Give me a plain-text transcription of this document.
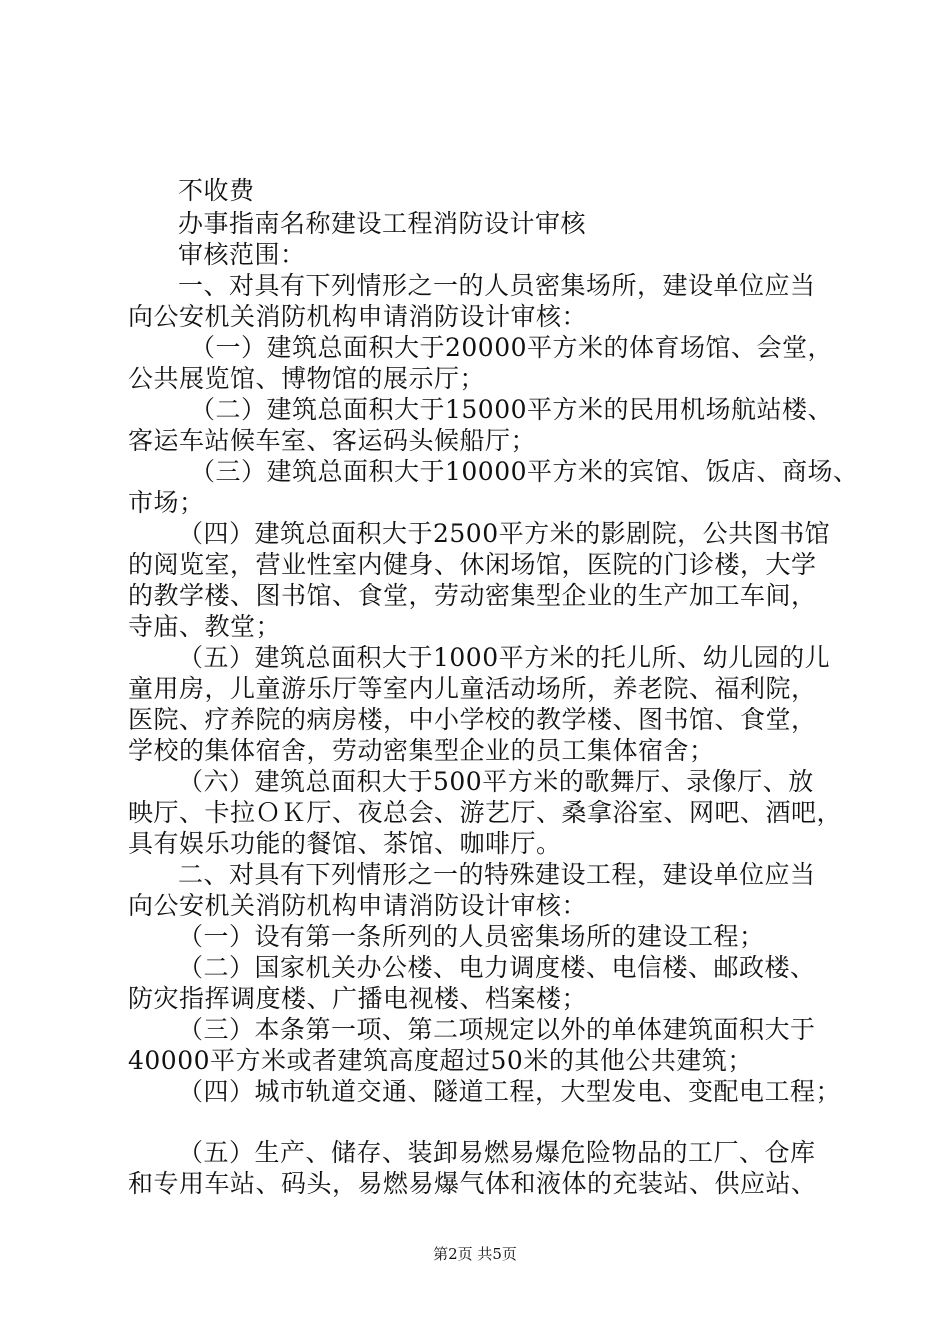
不收费
办事指南名称建设工程消防设计审核
审核范围：
一、对具有下列情形之一的人员密集场所，建设单位应当
向公安机关消防机构申请消防设计审核：
（一）建筑总面积大于20000平方米的体育场馆、会堂，
公共展览馆、博物馆的展示厅；
（二）建筑总面积大于15000平方米的民用机场航站楼、
客运车站候车室、客运码头候船厅；
（三）建筑总面积大于10000平方米的宾馆、饭店、商场、
市场；
（四）建筑总面积大于2500平方米的影剧院，公共图书馆
的阅览室，营业性室内健身、休闲场馆，医院的门诊楼，大学
的教学楼、图书馆、食堂，劳动密集型企业的生产加工车间，
寺庙、教堂；
（五）建筑总面积大于1000平方米的托儿所、幼儿园的儿
童用房，儿童游乐厅等室内儿童活动场所，养老院、福利院，
医院、疗养院的病房楼，中小学校的教学楼、图书馆、食堂，
学校的集体宿舍，劳动密集型企业的员工集体宿舍；
（六）建筑总面积大于500平方米的歌舞厅、录像厅、放
映厅、卡拉ＯＫ厅、夜总会、游艺厅、桑拿浴室、网吧、酒吧，
具有娱乐功能的餐馆、茶馆、咖啡厅。
二、对具有下列情形之一的特殊建设工程，建设单位应当
向公安机关消防机构申请消防设计审核：
（一）设有第一条所列的人员密集场所的建设工程；
（二）国家机关办公楼、电力调度楼、电信楼、邮政楼、
防灾指挥调度楼、广播电视楼、档案楼；
（三）本条第一项、第二项规定以外的单体建筑面积大于
40000平方米或者建筑高度超过50米的其他公共建筑；
（四）城市轨道交通、隧道工程，大型发电、变配电工程；
（五）生产、储存、装卸易燃易爆危险物品的工厂、仓库
和专用车站、码头，易燃易爆气体和液体的充装站、供应站、
第2页 共5页
